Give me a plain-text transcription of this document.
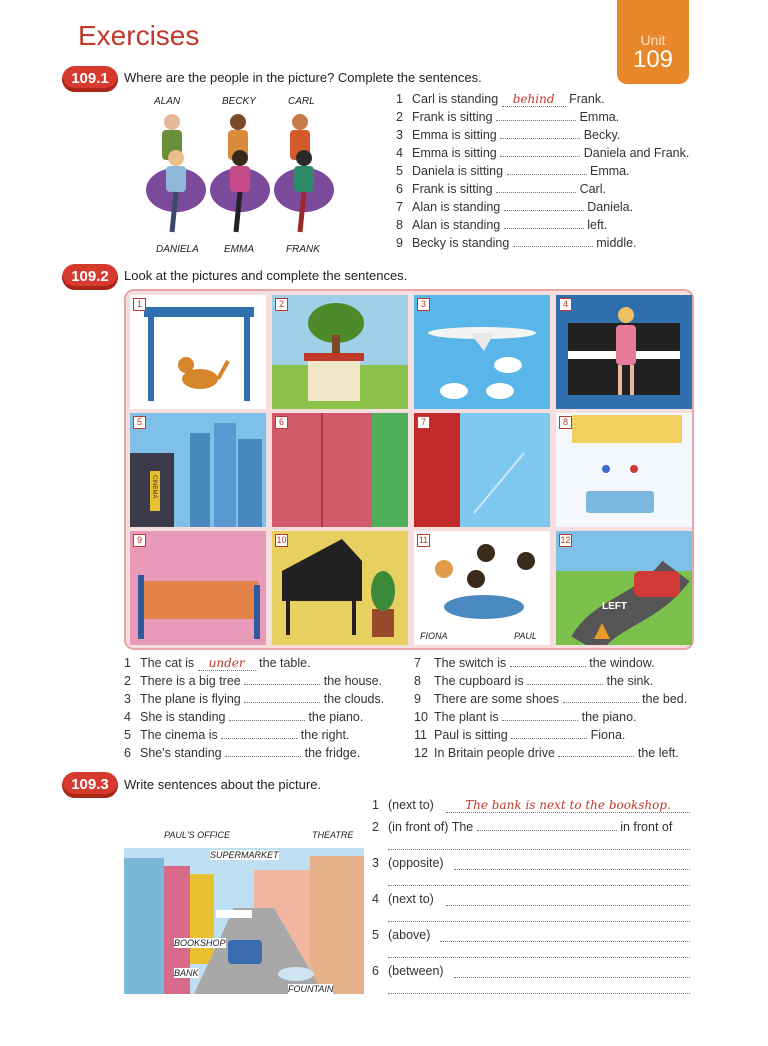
Exercises	Unit
109
109.1	Where are the people in the picture? Complete the sentences.
ALAN	BECKY	CARL
DANIELA	EMMA	FRANK
1 Carl is standing behind Frank.
2 Frank is sitting	Emma.
3 Emma is sitting	Becky.
4 Emma is sitting	Daniela and Frank.
5 Daniela is sitting	Emma.
6 Frank is sitting	Carl.
7 Alan is standing	Daniela.
8 Alan is standing	left.
9 Becky is standing	middle.
109.2	Look at the pictures and complete the sentences.
1	2	3	4
5
CINEMA
6	7	8
9	10	11
FIONA	PAUL
12
LEFT
1 The cat is under the table.
2 There is a big tree	the house.
3 The plane is flying	the clouds.
4 She is standing	the piano.
5 The cinema is	the right.
6 She's standing	the fridge.
7 The switch is	the window.
8 The cupboard is	the sink.
9 There are some shoes	the bed.
10 The plant is	the piano.
11 Paul is sitting	Fiona.
12 In Britain people drive	the left.
109.3	Write sentences about the picture.
PAUL'S OFFICE	THEATRE
SUPERMARKET
BOOKSHOP
BANK
FOUNTAIN
1 (next to)	The bank is next to the bookshop.
2 (in front of) The	in front of
3 (opposite)
4 (next to)
5 (above)
6 (between)
